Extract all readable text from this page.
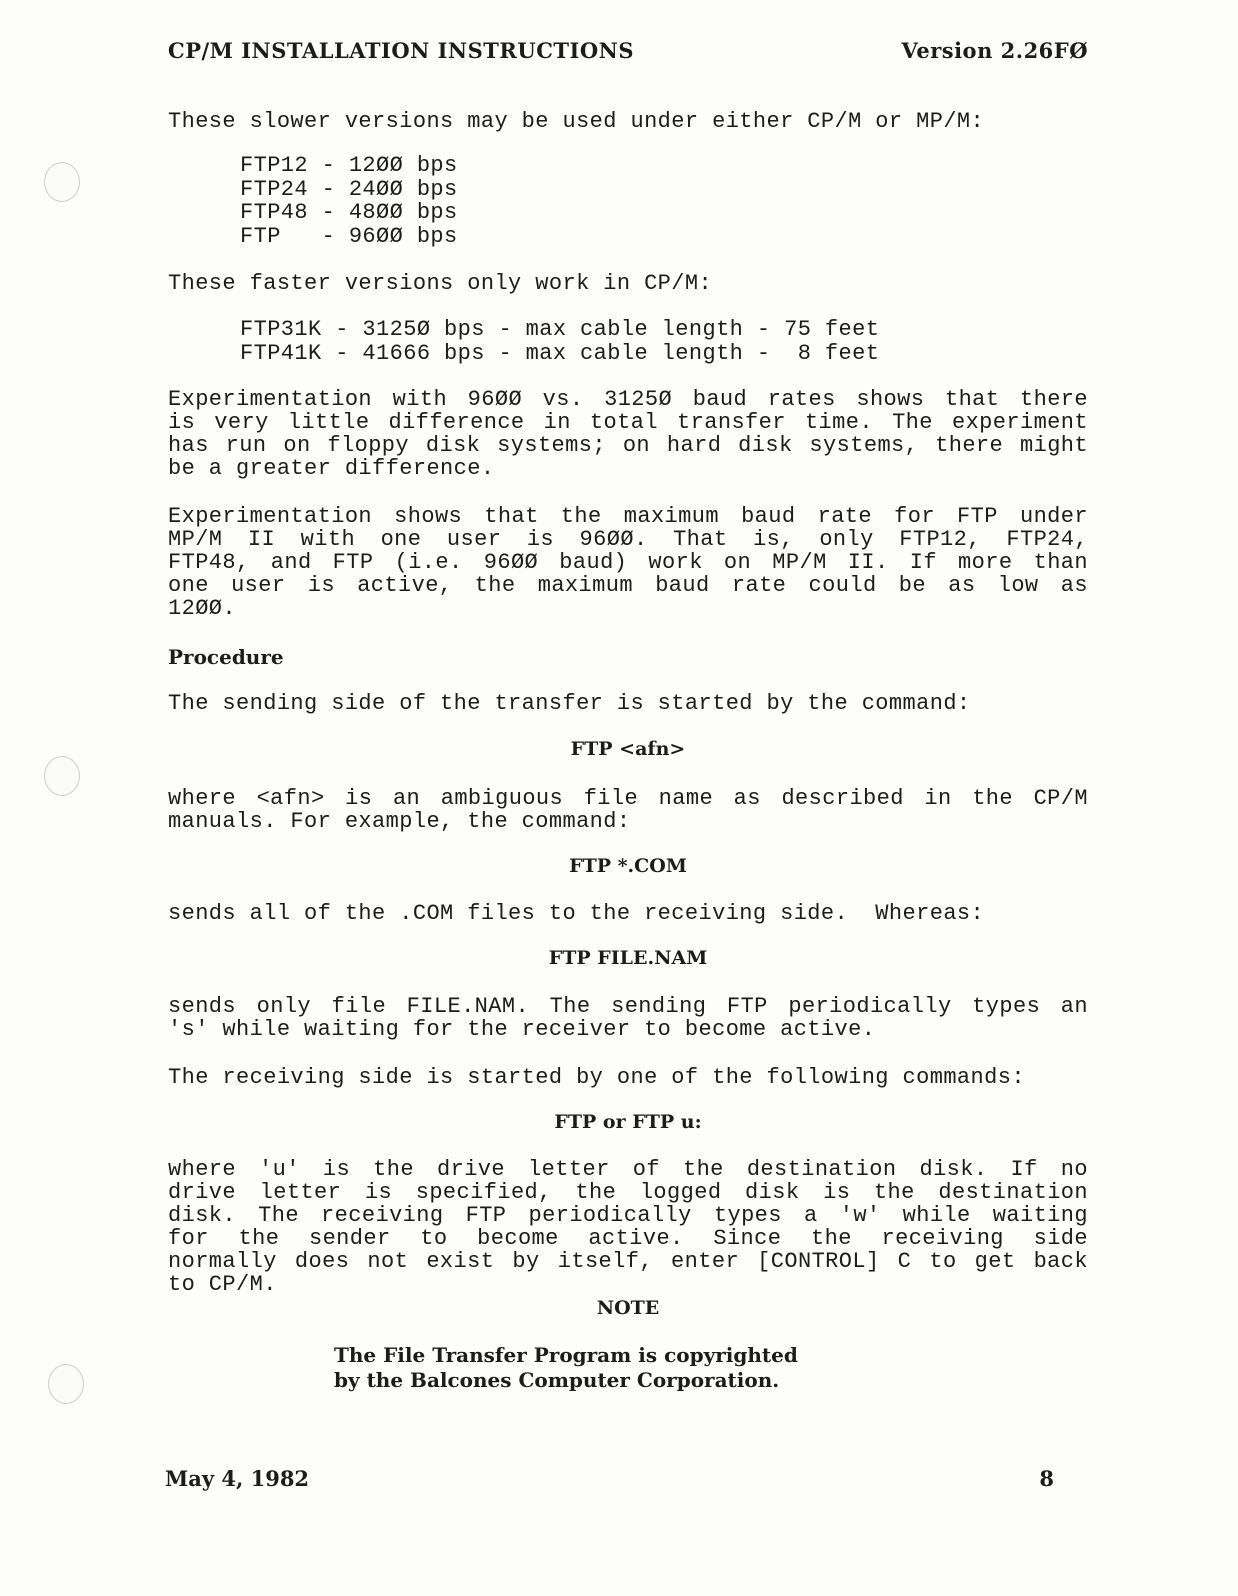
CP/M INSTALLATION INSTRUCTIONS	Version 2.26FØ
These slower versions may be used under either CP/M or MP/M:
FTP12 - 12ØØ bps
FTP24 - 24ØØ bps
FTP48 - 48ØØ bps
FTP   - 96ØØ bps
These faster versions only work in CP/M:
FTP31K - 3125Ø bps - max cable length - 75 feet
FTP41K - 41666 bps - max cable length -  8 feet
Experimentation with 96ØØ vs. 3125Ø baud rates shows that there
is very little difference in total transfer time. The experiment
has run on floppy disk systems; on hard disk systems, there might
be a greater difference.
Experimentation shows that the maximum baud rate for FTP under
MP/M II with one user is 96ØØ. That is, only FTP12, FTP24,
FTP48, and FTP (i.e. 96ØØ baud) work on MP/M II. If more than
one user is active, the maximum baud rate could be as low as
12ØØ.
Procedure
The sending side of the transfer is started by the command:
FTP <afn>
where <afn> is an ambiguous file name as described in the CP/M
manuals. For example, the command:
FTP *.COM
sends all of the .COM files to the receiving side.  Whereas:
FTP FILE.NAM
sends only file FILE.NAM. The sending FTP periodically types an
's' while waiting for the receiver to become active.
The receiving side is started by one of the following commands:
FTP or FTP u:
where 'u' is the drive letter of the destination disk. If no
drive letter is specified, the logged disk is the destination
disk. The receiving FTP periodically types a 'w' while waiting
for the sender to become active. Since the receiving side
normally does not exist by itself, enter [CONTROL] C to get back
to CP/M.
NOTE
The File Transfer Program is copyrighted
by the Balcones Computer Corporation.
May 4, 1982	8
